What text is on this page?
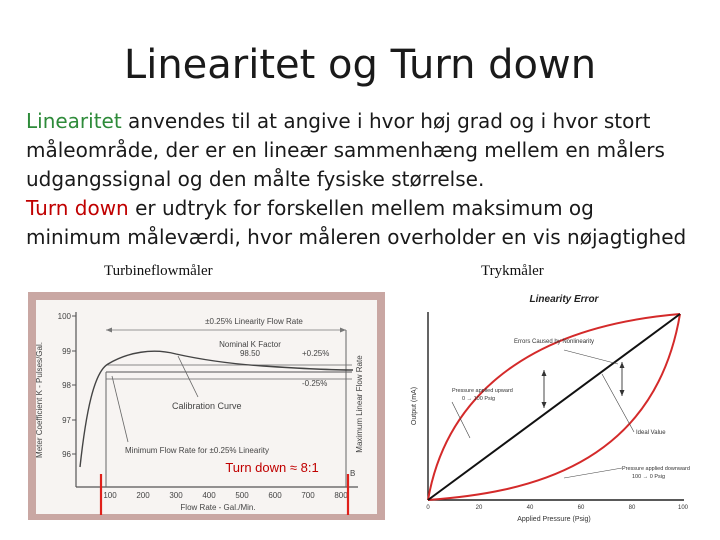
Linearitet og Turn down
Linearitet anvendes til at angive i hvor høj grad og i hvor stort
måleområde, der er en lineær sammenhæng mellem en målers
udgangssignal og den målte fysiske størrelse.
Turn down er udtryk for forskellen mellem maksimum og
minimum måleværdi, hvor måleren overholder en vis nøjagtighed
Turbineflowmåler	Trykmåler
100
99
98
97
96
100 200 300 400 500 600 700 800
Meter Coefficient K - Pulses/Gal.
Flow Rate - Gal./Min.
±0.25% Linearity Flow Rate
Nominal K Factor
98.50	+0.25%
-0.25%
Calibration Curve
Minimum Flow Rate for ±0.25% Linearity	Maximum Linear Flow Rate
B
Turn down ≈ 8:1
Linearity Error
0	20	40	60	80	100
Output (mA)
Applied Pressure (Psig)
Errors Caused by Nonlinearity
Pressure applied upward
0 → 100 Psig
Ideal Value
Pressure applied downward
100 → 0 Psig
